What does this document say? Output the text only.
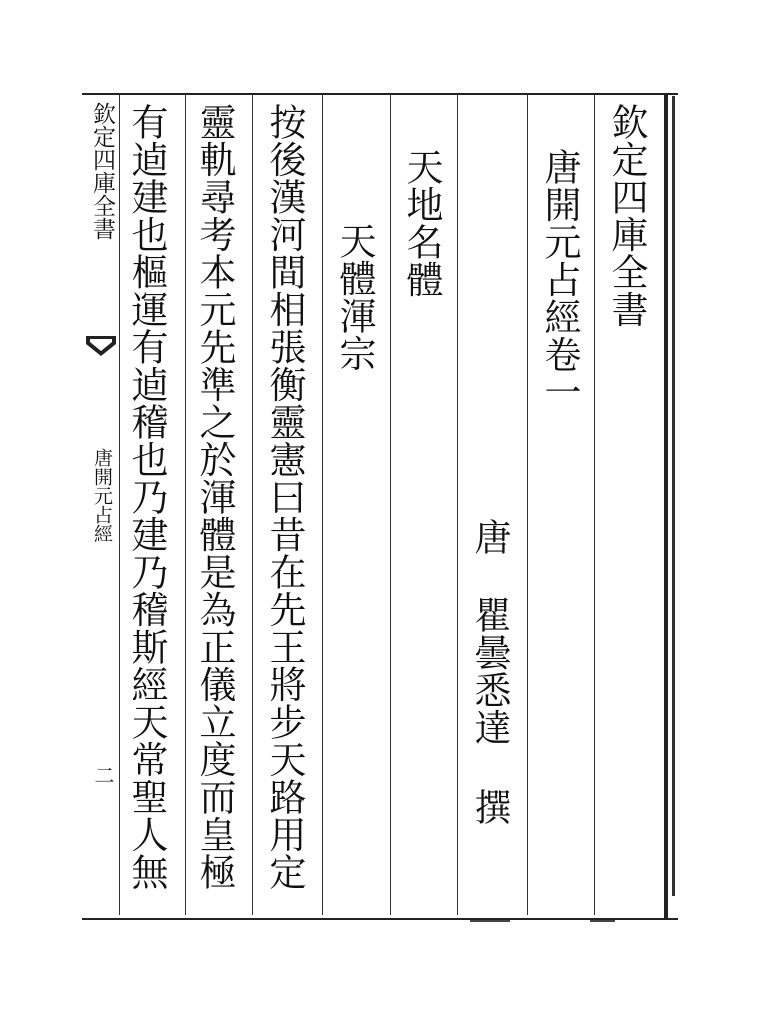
欽定四庫全書
唐開元占經
二 有逌建也樞運有逌稽也乃建乃稽斯經天常聖人無 靈軌尋考本元先準之於渾體是為正儀立度而皇極 按後漢河間相張衡靈憲曰昔在先王將步天路用定 天體渾宗 天地名體
唐
瞿曇悉達
撰
唐開元占經卷一 欽定四庫全書
